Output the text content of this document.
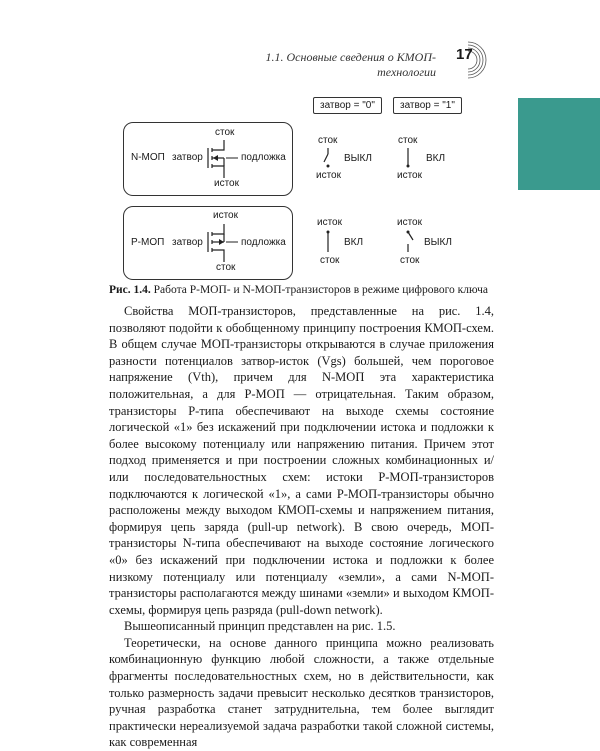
1.1. Основные сведения о КМОП-технологии
17
затвор = "0"	затвор = "1"
N-МОП затвор	подложка
сток
исток
сток
исток
ВЫКЛ
сток
исток
ВКЛ
Р-МОП затвор	подложка
исток
сток
исток
сток
ВКЛ
исток
сток
ВЫКЛ
Рис. 1.4. Работа Р-МОП- и N-МОП-транзисторов в режиме цифрового ключа

Свойства МОП-транзисторов, представленные на рис. 1.4, позволяют подойти к обобщенному принципу построения КМОП-схем. В общем случае МОП-транзисторы открываются в случае приложения разности потенциалов затвор-исток (Vgs) большей, чем пороговое напряжение (Vth), причем для N-МОП эта характеристика положительная, а для Р-МОП — отрицательная. Таким образом, транзисторы Р-типа обеспечивают на выходе схемы состояние логической «1» без искажений при подключении истока и подложки к более высокому потенциалу или напряжению питания. Причем этот подход применяется и при построении сложных комбинационных и/или последовательностных схем: истоки Р-МОП-транзисторов подключаются к логической «1», а сами Р-МОП-транзисторы обычно расположены между выходом КМОП-схемы и напряжением питания, формируя цепь заряда (pull-up network). В свою очередь, МОП-транзисторы N-типа обеспечивают на выходе состояние логического «0» без искажений при подключении истока и подложки к более низкому потенциалу или потенциалу «земли», а сами N-МОП-транзисторы располагаются между шинами «земли» и выходом КМОП-схемы, формируя цепь разряда (pull-down network).

Вышеописанный принцип представлен на рис. 1.5.

Теоретически, на основе данного принципа можно реализовать комбинационную функцию любой сложности, а также отдельные фрагменты последовательностных схем, но в действительности, как только размерность задачи превысит несколько десятков транзисторов, ручная разработка станет затруднительна, тем более выглядит практически нереализуемой задача разработки такой сложной системы, как современная
